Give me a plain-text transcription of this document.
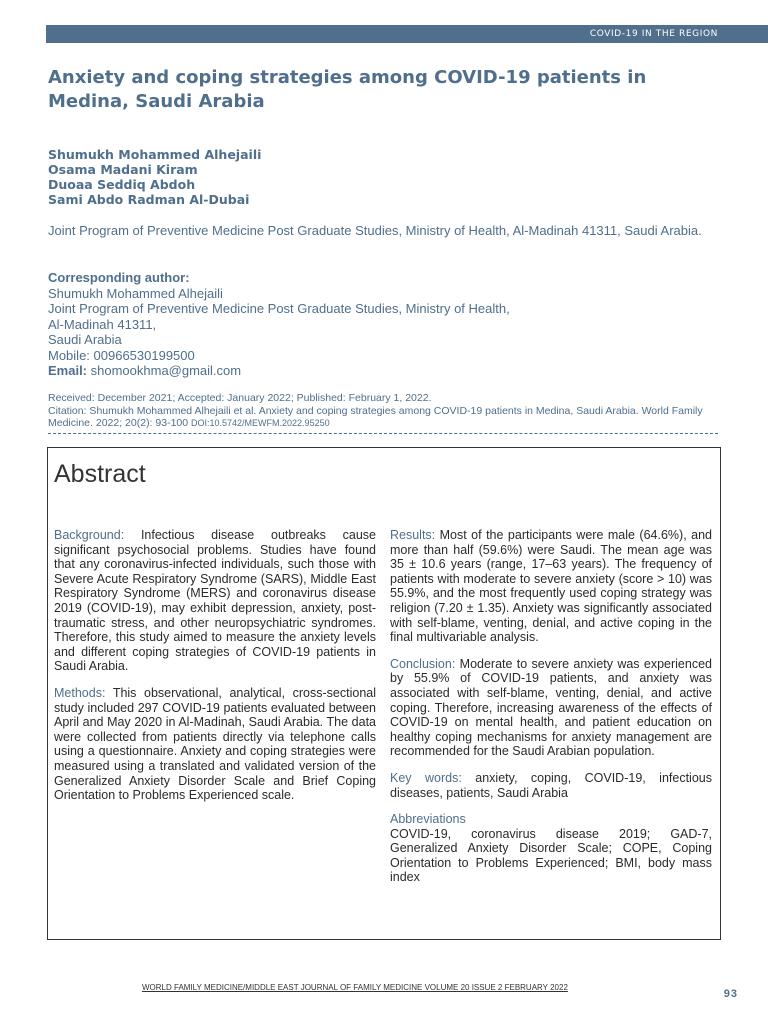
COVID-19 IN THE REGION
Anxiety and coping strategies among COVID-19 patients in Medina, Saudi Arabia
Shumukh Mohammed Alhejaili
Osama Madani Kiram
Duoaa Seddiq Abdoh
Sami Abdo Radman Al-Dubai

Joint Program of Preventive Medicine Post Graduate Studies, Ministry of Health, Al-Madinah 41311, Saudi Arabia.

Corresponding author:
Shumukh Mohammed Alhejaili
Joint Program of Preventive Medicine Post Graduate Studies, Ministry of Health,
Al-Madinah 41311,
Saudi Arabia
Mobile: 00966530199500
Email: shomookhma@gmail.com
Received: December 2021; Accepted: January 2022; Published: February 1, 2022.
Citation: Shumukh Mohammed Alhejaili et al. Anxiety and coping strategies among COVID-19 patients in Medina, Saudi Arabia. World Family Medicine. 2022; 20(2): 93-100 DOI:10.5742/MEWFM.2022.95250
Abstract

Background: Infectious disease outbreaks cause significant psychosocial problems. Studies have found that any coronavirus-infected individuals, such those with Severe Acute Respiratory Syndrome (SARS), Middle East Respiratory Syndrome (MERS) and coronavirus disease 2019 (COVID-19), may exhibit depression, anxiety, post-traumatic stress, and other neuropsychiatric syndromes. Therefore, this study aimed to measure the anxiety levels and different coping strategies of COVID-19 patients in Saudi Arabia.

Methods: This observational, analytical, cross-sectional study included 297 COVID-19 patients evaluated between April and May 2020 in Al-Madinah, Saudi Arabia. The data were collected from patients directly via telephone calls using a questionnaire. Anxiety and coping strategies were measured using a translated and validated version of the Generalized Anxiety Disorder Scale and Brief Coping Orientation to Problems Experienced scale.

Results: Most of the participants were male (64.6%), and more than half (59.6%) were Saudi. The mean age was 35 ± 10.6 years (range, 17–63 years). The frequency of patients with moderate to severe anxiety (score > 10) was 55.9%, and the most frequently used coping strategy was religion (7.20 ± 1.35). Anxiety was significantly associated with self-blame, venting, denial, and active coping in the final multivariable analysis.

Conclusion: Moderate to severe anxiety was experienced by 55.9% of COVID-19 patients, and anxiety was associated with self-blame, venting, denial, and active coping. Therefore, increasing awareness of the effects of COVID-19 on mental health, and patient education on healthy coping mechanisms for anxiety management are recommended for the Saudi Arabian population.

Key words: anxiety, coping, COVID-19, infectious diseases, patients, Saudi Arabia

Abbreviations
COVID-19, coronavirus disease 2019; GAD-7, Generalized Anxiety Disorder Scale; COPE, Coping Orientation to Problems Experienced; BMI, body mass index

WORLD FAMILY MEDICINE/MIDDLE EAST JOURNAL OF FAMILY MEDICINE VOLUME 20 ISSUE 2 FEBRUARY 2022
93
